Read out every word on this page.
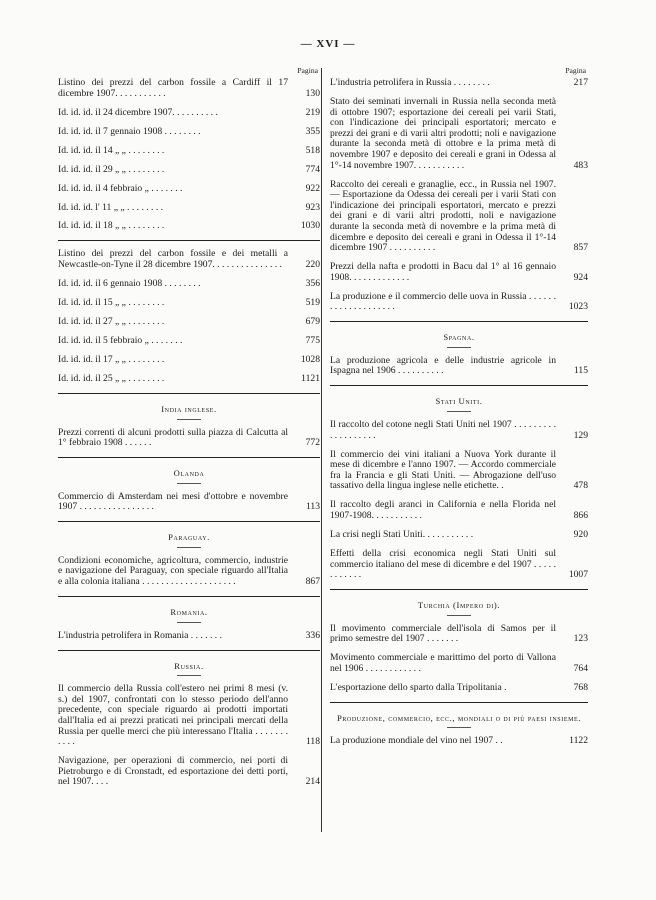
— XVI —
Pagina
Listino dei prezzi del carbon fossile a Cardiff il 17 dicembre 1907. . . . . . . . . . .	130
Id. id. id. il 24 dicembre 1907. . . . . . . . . .	219
Id. id. id. il 7 gennaio 1908 . . . . . . . .	355
Id. id. id. il 14 „ „ . . . . . . . .	518
Id. id. id. il 29 „ „ . . . . . . . .	774
Id. id. id. il 4 febbraio „ . . . . . . .	922
Id. id. id. l' 11 „ „ . . . . . . . .	923
Id. id. id. il 18 „ „ . . . . . . . .	1030
Listino dei prezzi del carbon fossile e dei metalli a Newcastle-on-Tyne il 28 dicembre 1907. . . . . . . . . . . . . . .	220
Id. id. id. il 6 gennaio 1908 . . . . . . . .	356
Id. id. id. il 15 „ „ . . . . . . . .	519
Id. id. id. il 27 „ „ . . . . . . . .	679
Id. id. id. il 5 febbraio „ . . . . . . .	775
Id. id. id. il 17 „ „ . . . . . . . .	1028
Id. id. id. il 25 „ „ . . . . . . . .	1121
India inglese.
Prezzi correnti di alcuni prodotti sulla piazza di Calcutta al 1° febbraio 1908 . . . . . .	772
Olanda
Commercio di Amsterdam nei mesi d'ottobre e novembre 1907 . . . . . . . . . . . . . . . .	113
Paraguay.
Condizioni economiche, agricoltura, commercio, industrie e navigazione del Paraguay, con speciale riguardo all'Italia e alla colonia italiana . . . . . . . . . . . . . . . . . . . .	867
Romania.
L'industria petrolifera in Romania . . . . . . .	336
Russia.
Il commercio della Russia coll'estero nei primi 8 mesi (v. s.) del 1907, confrontati con lo stesso periodo dell'anno precedente, con speciale riguardo ai prodotti importati dall'Italia ed ai prezzi praticati nei principali mercati della Russia per quelle merci che più interessano l'Italia . . . . . . . . . . .	118
Navigazione, per operazioni di commercio, nei porti di Pietroburgo e di Cronstadt, ed esportazione dei detti porti, nel 1907. . . .	214
Pagina
L'industria petrolifera in Russia . . . . . . . .	217
Stato dei seminati invernali in Russia nella seconda metà di ottobre 1907; esportazione dei cereali pei varii Stati, con l'indicazione dei principali esportatori; mercato e prezzi dei grani e di varii altri prodotti; noli e navigazione durante la seconda metà di ottobre e la prima metà di novembre 1907 e deposito dei cereali e grani in Odessa al 1°-14 novembre 1907. . . . . . . . . . .	483
Raccolto dei cereali e granaglie, ecc., in Russia nel 1907. — Esportazione da Odessa dei cereali per i varii Stati con l'indicazione dei principali esportatori, mercato e prezzi dei grani e di varii altri prodotti, noli e navigazione durante la seconda metà di novembre e la prima metà di dicembre e deposito dei cereali e grani in Odessa il 1°-14 dicembre 1907 . . . . . . . . . .	857
Prezzi della nafta e prodotti in Bacu dal 1° al 16 gennaio 1908. . . . . . . . . . . . .	924
La produzione e il commercio delle uova in Russia . . . . . . . . . . . . . . . . . . . .	1023
Spagna.
La produzione agricola e delle industrie agricole in Ispagna nel 1906 . . . . . . . . . .	115
Stati Uniti.
Il raccolto del cotone negli Stati Uniti nel 1907 . . . . . . . . . . . . . . . . . . .	129
Il commercio dei vini italiani a Nuova York durante il mese di dicembre e l'anno 1907. — Accordo commerciale fra la Francia e gli Stati Uniti. — Abrogazione dell'uso tassativo della lingua inglese nelle etichette. .	478
Il raccolto degli aranci in California e nella Florida nel 1907-1908. . . . . . . . . . .	866
La crisi negli Stati Uniti. . . . . . . . . . .	920
Effetti della crisi economica negli Stati Uniti sul commercio italiano del mese di dicembre e del 1907 . . . . . . . . . . . .	1007
Turchia (Impero di).
Il movimento commerciale dell'isola di Samos per il primo semestre del 1907 . . . . . . .	123
Movimento commerciale e marittimo del porto di Vallona nel 1906 . . . . . . . . . . . .	764
L'esportazione dello sparto dalla Tripolitania .	768
Produzione, commercio, ecc., mondiali o di più paesi insieme.
La produzione mondiale del vino nel 1907 . .	1122
